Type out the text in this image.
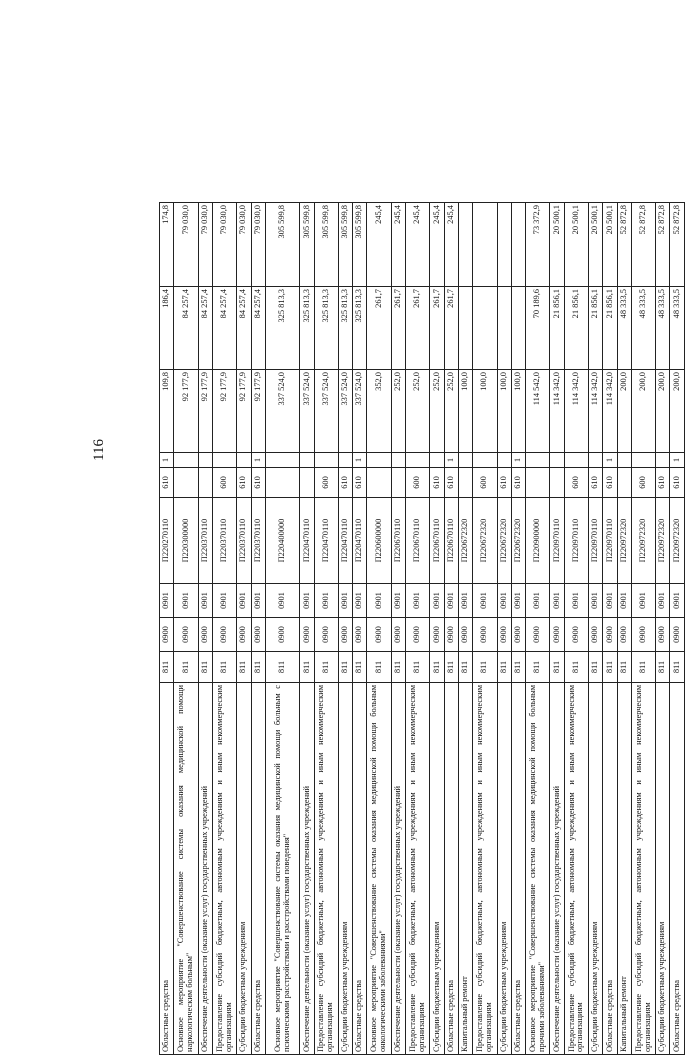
116
Областные средства	811	0900	0901	П220270110	610	1	109,8	186,4	174,8

Основное мероприятие "Совершенствование системы оказания медицинской помощи наркологическим больным"	811	0900	0901	П220300000			92 177,9	84 257,4	79 030,0

Обеспечение деятельности (оказание услуг) государственных учреждений	811	0900	0901	П220370110			92 177,9	84 257,4	79 030,0

Предоставление субсидий бюджетным, автономным учреждениям и иным некоммерческим организациям	811	0900	0901	П220370110	600		92 177,9	84 257,4	79 030,0

Субсидии бюджетным учреждениям	811	0900	0901	П220370110	610		92 177,9	84 257,4	79 030,0

Областные средства	811	0900	0901	П220370110	610	1	92 177,9	84 257,4	79 030,0

Основное мероприятие "Совершенствование системы оказания медицинской помощи больным с психическими расстройствами и расстройствами поведения"	811	0900	0901	П220400000			337 524,0	325 813,3	305 599,8

Обеспечение деятельности (оказание услуг) государственных учреждений	811	0900	0901	П220470110			337 524,0	325 813,3	305 599,8

Предоставление субсидий бюджетным, автономным учреждениям и иным некоммерческим организациям	811	0900	0901	П220470110	600		337 524,0	325 813,3	305 599,8

Субсидии бюджетным учреждениям	811	0900	0901	П220470110	610		337 524,0	325 813,3	305 599,8

Областные средства	811	0900	0901	П220470110	610	1	337 524,0	325 813,3	305 599,8

Основное мероприятие "Совершенствование системы оказания медицинской помощи больным онкологическими заболеваниями"	811	0900	0901	П220600000			352,0	261,7	245,4

Обеспечение деятельности (оказание услуг) государственных учреждений	811	0900	0901	П220670110			252,0	261,7	245,4

Предоставление субсидий бюджетным, автономным учреждениям и иным некоммерческим организациям	811	0900	0901	П220670110	600		252,0	261,7	245,4

Субсидии бюджетным учреждениям	811	0900	0901	П220670110	610		252,0	261,7	245,4

Областные средства	811	0900	0901	П220670110	610	1	252,0	261,7	245,4

Капитальный ремонт	811	0900	0901	П220672320			100,0		

Предоставление субсидий бюджетным, автономным учреждениям и иным некоммерческим организациям	811	0900	0901	П220672320	600		100,0		

Субсидии бюджетным учреждениям	811	0900	0901	П220672320	610		100,0		

Областные средства	811	0900	0901	П220672320	610	1	100,0		

Основное мероприятие "Совершенствование системы оказания медицинской помощи больным прочими заболеваниями"	811	0900	0901	П220900000			114 542,0	70 189,6	73 372,9

Обеспечение деятельности (оказание услуг) государственных учреждений	811	0900	0901	П220970110			114 342,0	21 856,1	20 500,1

Предоставление субсидий бюджетным, автономным учреждениям и иным некоммерческим организациям	811	0900	0901	П220970110	600		114 342,0	21 856,1	20 500,1

Субсидии бюджетным учреждениям	811	0900	0901	П220970110	610		114 342,0	21 856,1	20 500,1

Областные средства	811	0900	0901	П220970110	610	1	114 342,0	21 856,1	20 500,1

Капитальный ремонт	811	0900	0901	П220972320			200,0	48 333,5	52 872,8

Предоставление субсидий бюджетным, автономным учреждениям и иным некоммерческим организациям	811	0900	0901	П220972320	600		200,0	48 333,5	52 872,8

Субсидии бюджетным учреждениям	811	0900	0901	П220972320	610		200,0	48 333,5	52 872,8

Областные средства	811	0900	0901	П220972320	610	1	200,0	48 333,5	52 872,8
